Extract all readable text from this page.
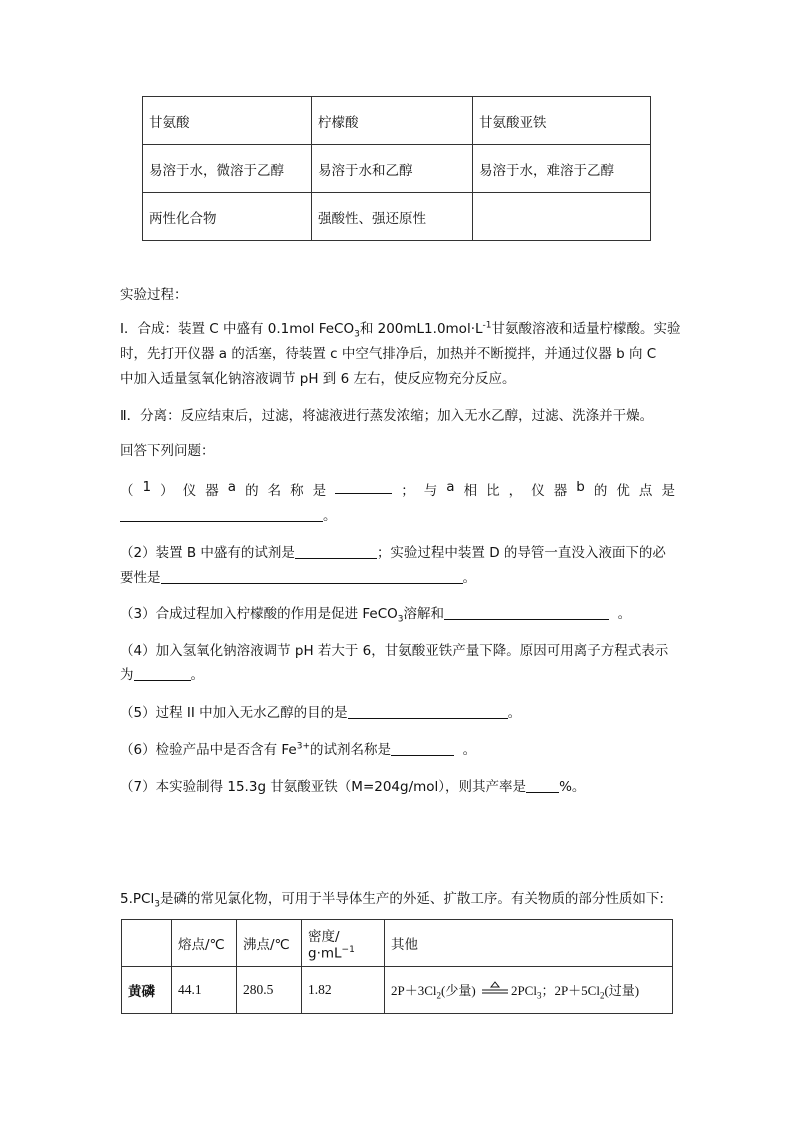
甘氨酸	柠檬酸	甘氨酸亚铁
易溶于水，微溶于乙醇	易溶于水和乙醇	易溶于水，难溶于乙醇
两性化合物	强酸性、强还原性	
实验过程：
I．合成：装置 C 中盛有 0.1mol FeCO$_3$和 $200mL1.0mol\cdot L^{-1}$甘氨酸溶液和适量柠檬酸。实验
时，先打开仪器 a 的活塞，待装置 c 中空气排净后，加热并不断搅拌，并通过仪器 b 向 C
中加入适量氢氧化钠溶液调节 pH 到 6 左右，使反应物充分反应。
Ⅱ．分离：反应结束后，过滤，将滤液进行蒸发浓缩；加入无水乙醇，过滤、洗涤并干燥。
回答下列问题：
（ 1 ） 仪 器 a 的 名 称 是	； 与 a 相 比 ， 仪 器 b 的 优 点 是
。
（2）装置 B 中盛有的试剂是	；实验过程中装置 D 的导管一直没入液面下的必
要性是	。
（3）合成过程加入柠檬酸的作用是促进 FeCO$_3$溶解和	。
（4）加入氢氧化钠溶液调节 pH 若大于 6，甘氨酸亚铁产量下降。原因可用离子方程式表示
为	。
（5）过程 II 中加入无水乙醇的目的是	。
（6）检验产品中是否含有 $Fe^{3+}$的试剂名称是	。
（7）本实验制得 15.3g 甘氨酸亚铁（M=204g/mol），则其产率是 %。
5.PCl$_3$是磷的常见氯化物，可用于半导体生产的外延、扩散工序。有关物质的部分性质如下:
	熔点/℃	沸点/℃	密度/ $g\cdot mL^{-1}$	其他
黄磷	44.1	280.5	1.82	$2P+3Cl_2$(少量) 2PCl$_3$；$2P+5Cl_2$(过量)
